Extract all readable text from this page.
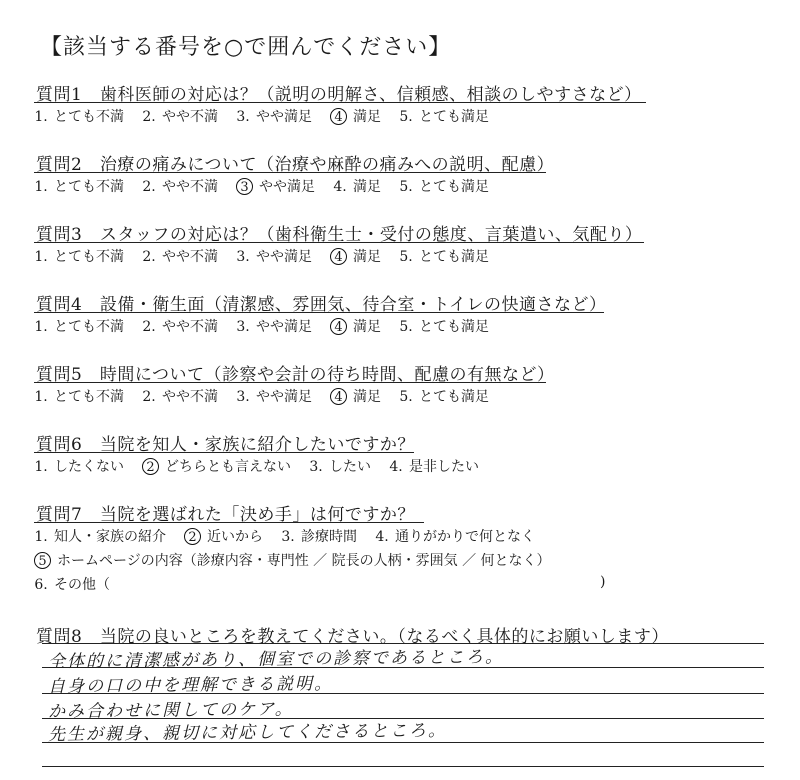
【該当する番号を○で囲んでください】
質問1　歯科医師の対応は？（説明の明解さ、信頼感、相談のしやすさなど）
1. とても不満 2. やや不満 3. やや満足 4 満足 5. とても満足
質問2　治療の痛みについて（治療や麻酔の痛みへの説明、配慮）
1. とても不満 2. やや不満 3 やや満足 4. 満足 5. とても満足
質問3　スタッフの対応は？（歯科衛生士・受付の態度、言葉遣い、気配り）
1. とても不満 2. やや不満 3. やや満足 4 満足 5. とても満足
質問4　設備・衛生面（清潔感、雰囲気、待合室・トイレの快適さなど）
1. とても不満 2. やや不満 3. やや満足 4 満足 5. とても満足
質問5　時間について（診察や会計の待ち時間、配慮の有無など）
1. とても不満 2. やや不満 3. やや満足 4 満足 5. とても満足
質問6　当院を知人・家族に紹介したいですか？
1. したくない 2 どちらとも言えない 3. したい 4. 是非したい
質問7　当院を選ばれた「決め手」は何ですか？
1. 知人・家族の紹介 2 近いから 3. 診療時間 4. 通りがかりで何となく
5 ホームページの内容（診療内容・専門性 ／ 院長の人柄・雰囲気 ／ 何となく）
6. その他（	)
質問8　当院の良いところを教えてください。（なるべく具体的にお願いします）
全体的に清潔感があり、個室での診察であるところ。
自身の口の中を理解できる説明。
かみ合わせに関してのケア。
先生が親身、親切に対応してくださるところ。
